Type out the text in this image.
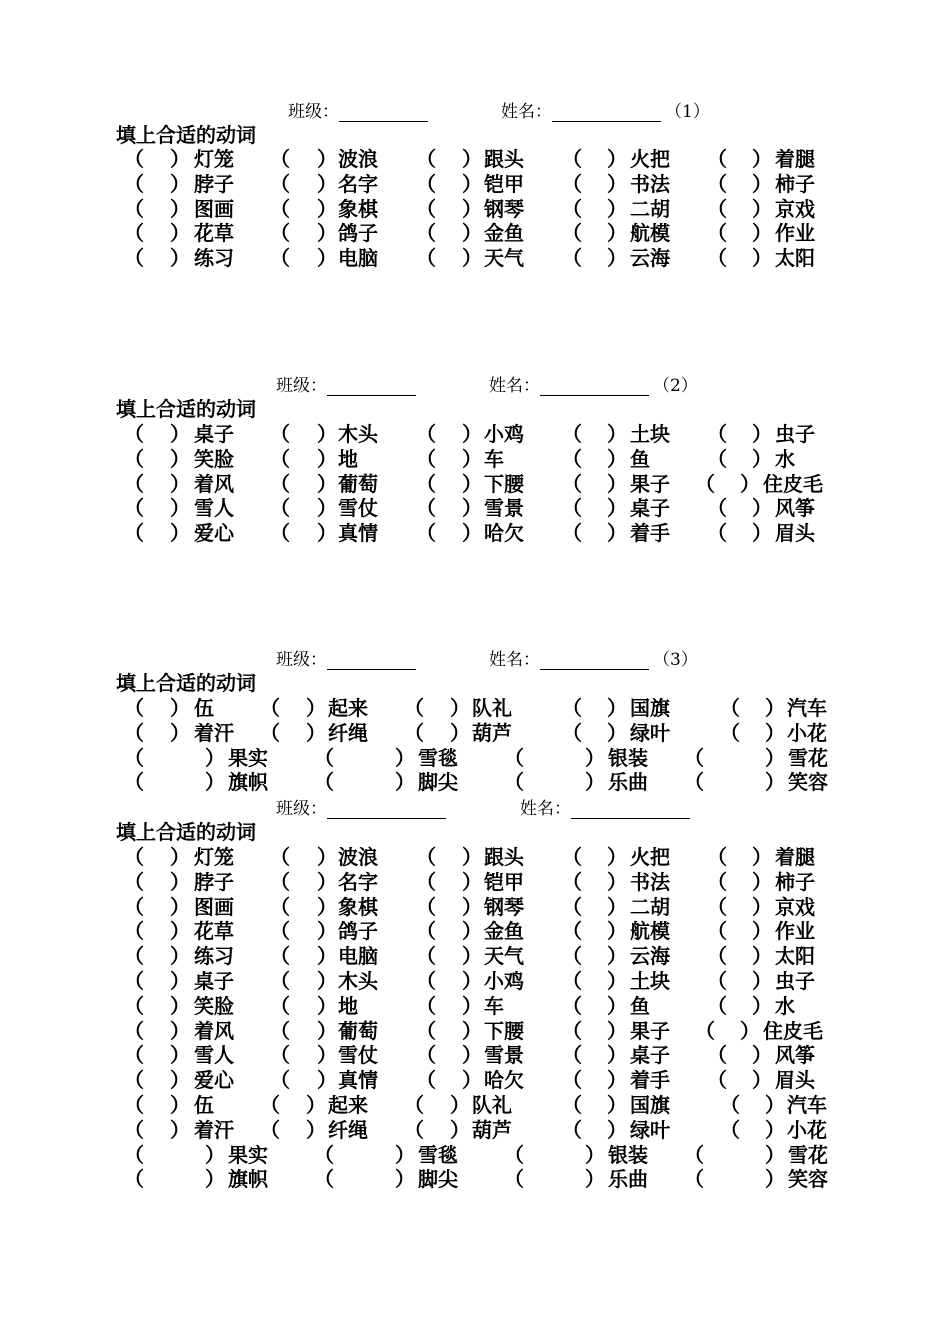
班级：	姓名：	（1）
填上合适的动词
（ ） 灯笼 （ ） 波浪 （ ） 跟头 （ ） 火把 （ ） 着腿
（ ） 脖子 （ ） 名字 （ ） 铠甲 （ ） 书法 （ ） 柿子
（ ） 图画 （ ） 象棋 （ ） 钢琴 （ ） 二胡 （ ） 京戏
（ ） 花草 （ ） 鸽子 （ ） 金鱼 （ ） 航模 （ ） 作业
（ ） 练习 （ ） 电脑 （ ） 天气 （ ） 云海 （ ） 太阳
班级：	姓名：	（2）
填上合适的动词
（ ） 桌子 （ ） 木头 （ ） 小鸡 （ ） 土块 （ ） 虫子
（ ） 笑脸 （ ） 地	（ ） 车	（ ） 鱼	（ ） 水
（ ） 着风 （ ） 葡萄 （ ） 下腰 （ ） 果子 （ ） 住皮毛
（ ） 雪人 （ ） 雪仗 （ ） 雪景 （ ） 桌子 （ ） 风筝
（ ） 爱心 （ ） 真情 （ ） 哈欠 （ ） 着手 （ ） 眉头
班级：	姓名：	（3）
填上合适的动词
（ ） 伍 （ ） 起来 （ ） 队礼	（ ） 国旗	（ ） 汽车
（ ） 着汗 （ ） 纤绳 （ ） 葫芦	（ ） 绿叶	（ ） 小花
（	） 果实 （	） 雪毯 （	） 银装 （	） 雪花
（	） 旗帜 （	） 脚尖 （	） 乐曲 （	） 笑容
班级：	姓名：
填上合适的动词
（ ） 灯笼 （ ） 波浪 （ ） 跟头 （ ） 火把 （ ） 着腿
（ ） 脖子 （ ） 名字 （ ） 铠甲 （ ） 书法 （ ） 柿子
（ ） 图画 （ ） 象棋 （ ） 钢琴 （ ） 二胡 （ ） 京戏
（ ） 花草 （ ） 鸽子 （ ） 金鱼 （ ） 航模 （ ） 作业
（ ） 练习 （ ） 电脑 （ ） 天气 （ ） 云海 （ ） 太阳
（ ） 桌子 （ ） 木头 （ ） 小鸡 （ ） 土块 （ ） 虫子
（ ） 笑脸 （ ） 地	（ ） 车	（ ） 鱼	（ ） 水
（ ） 着风 （ ） 葡萄 （ ） 下腰 （ ） 果子 （ ） 住皮毛
（ ） 雪人 （ ） 雪仗 （ ） 雪景 （ ） 桌子 （ ） 风筝
（ ） 爱心 （ ） 真情 （ ） 哈欠 （ ） 着手 （ ） 眉头
（ ） 伍 （ ） 起来 （ ） 队礼	（ ） 国旗	（ ） 汽车
（ ） 着汗 （ ） 纤绳 （ ） 葫芦	（ ） 绿叶	（ ） 小花
（	） 果实 （	） 雪毯 （	） 银装 （	） 雪花
（	） 旗帜 （	） 脚尖 （	） 乐曲 （	） 笑容
